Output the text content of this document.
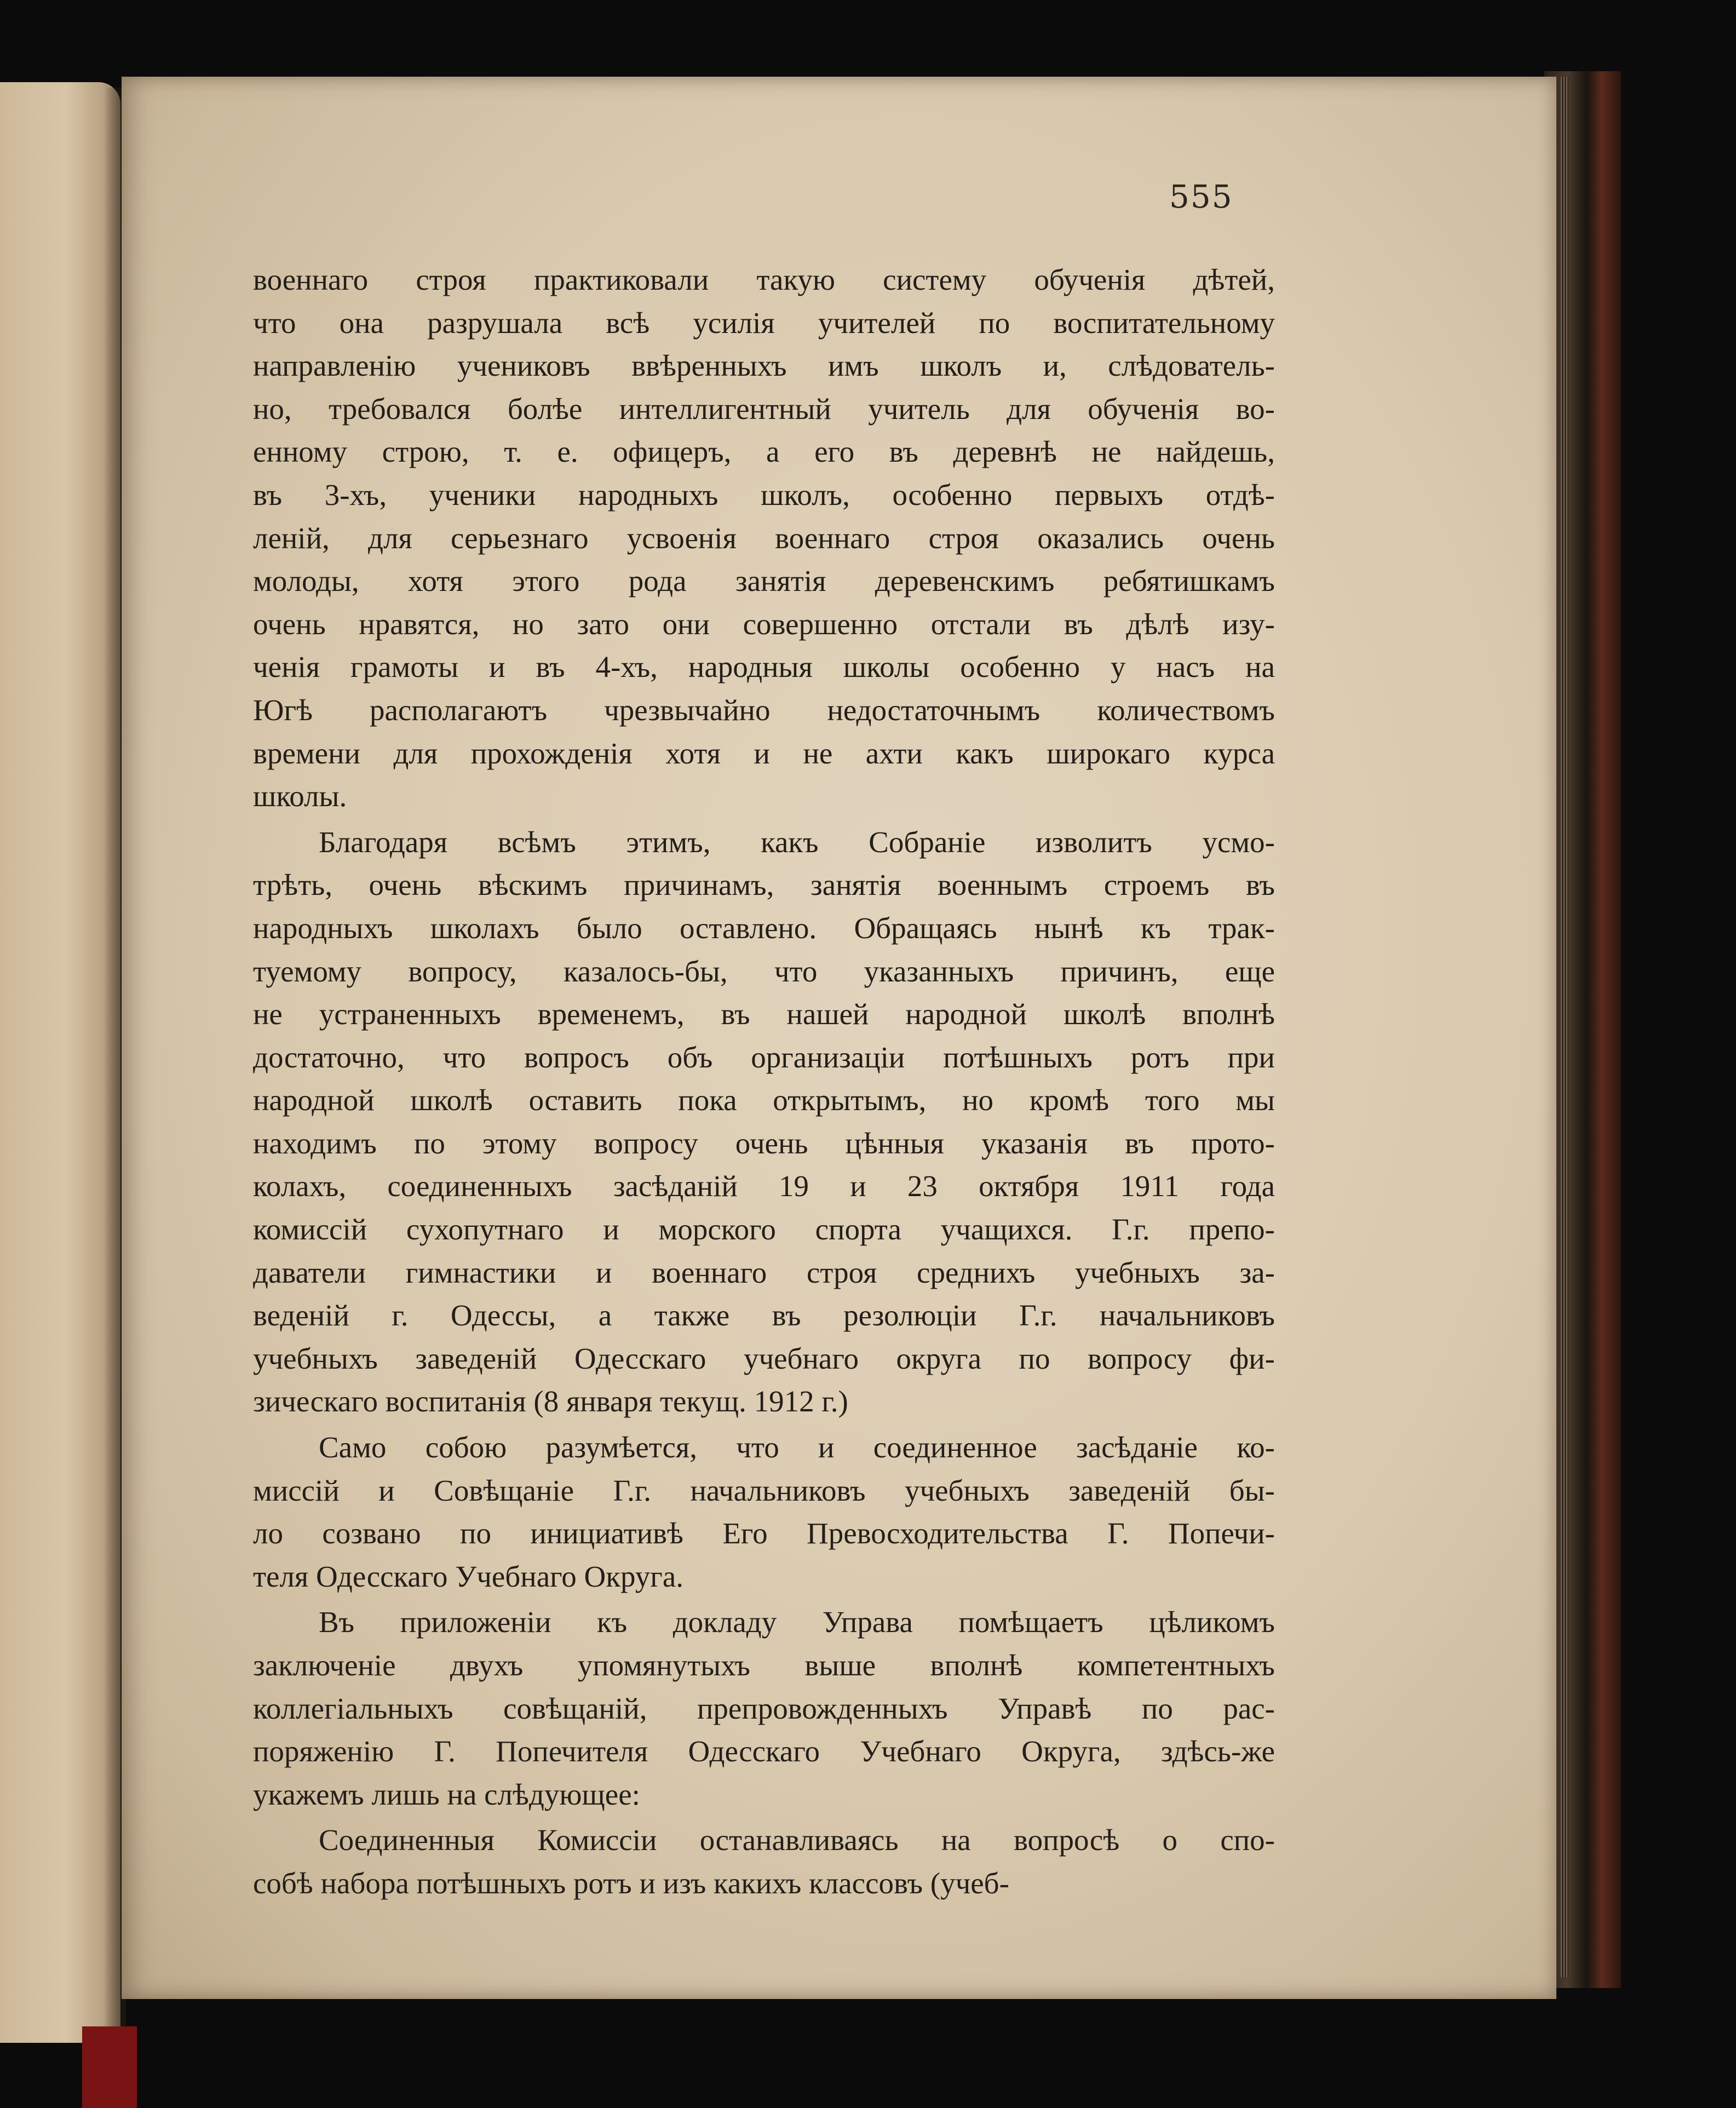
555
военнаго строя практиковали такую систему обученія дѣтей,
что она разрушала всѣ усилія учителей по воспитательному
направленію учениковъ ввѣренныхъ имъ школъ и, слѣдователь-
но, требовался болѣе интеллигентный учитель для обученія во-
енному строю, т. е. офицеръ, а его въ деревнѣ не найдешь,
въ 3-хъ, ученики народныхъ школъ, особенно первыхъ отдѣ-
леній, для серьезнаго усвоенія военнаго строя оказались очень
молоды, хотя этого рода занятія деревенскимъ ребятишкамъ
очень нравятся, но зато они совершенно отстали въ дѣлѣ изу-
ченія грамоты и въ 4-хъ, народныя школы особенно у насъ на
Югѣ располагаютъ чрезвычайно недостаточнымъ количествомъ
времени для прохожденія хотя и не ахти какъ широкаго курса
школы.
Благодаря всѣмъ этимъ, какъ Собраніе изволитъ усмо-
трѣть, очень вѣскимъ причинамъ, занятія военнымъ строемъ въ
народныхъ школахъ было оставлено. Обращаясь нынѣ къ трак-
туемому вопросу, казалось-бы, что указанныхъ причинъ, еще
не устраненныхъ временемъ, въ нашей народной школѣ вполнѣ
достаточно, что вопросъ объ организаціи потѣшныхъ ротъ при
народной школѣ оставить пока открытымъ, но кромѣ того мы
находимъ по этому вопросу очень цѣнныя указанія въ прото-
колахъ, соединенныхъ засѣданій 19 и 23 октября 1911 года
комиссій сухопутнаго и морского спорта учащихся. Г.г. препо-
даватели гимнастики и военнаго строя среднихъ учебныхъ за-
веденій г. Одессы, а также въ резолюціи Г.г. начальниковъ
учебныхъ заведеній Одесскаго учебнаго округа по вопросу фи-
зическаго воспитанія (8 января текущ. 1912 г.)
Само собою разумѣется, что и соединенное засѣданіе ко-
миссій и Совѣщаніе Г.г. начальниковъ учебныхъ заведеній бы-
ло созвано по инициативѣ Его Превосходительства Г. Попечи-
теля Одесскаго Учебнаго Округа.
Въ приложеніи къ докладу Управа помѣщаетъ цѣликомъ
заключеніе двухъ упомянутыхъ выше вполнѣ компетентныхъ
коллегіальныхъ совѣщаній, препровожденныхъ Управѣ по рас-
поряженію Г. Попечителя Одесскаго Учебнаго Округа, здѣсь-же
укажемъ лишь на слѣдующее:
Соединенныя Комиссіи останавливаясь на вопросѣ о спо-
собѣ набора потѣшныхъ ротъ и изъ какихъ классовъ (учеб-
